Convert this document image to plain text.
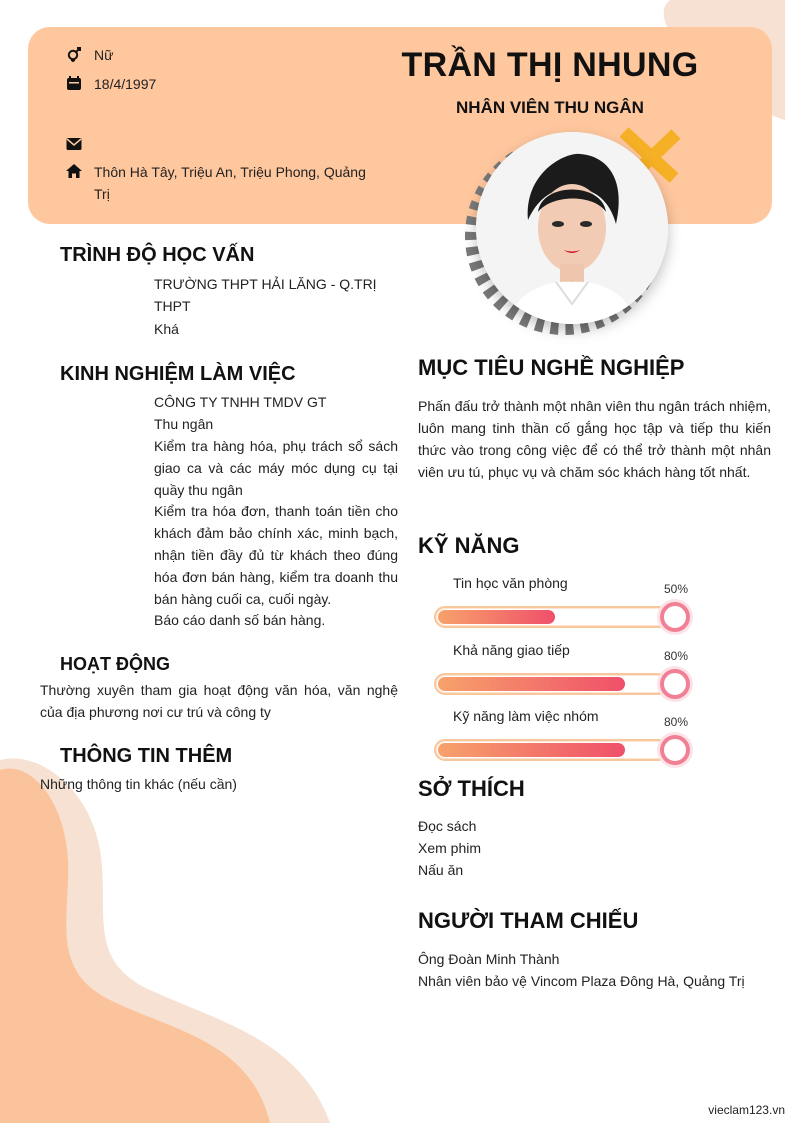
Nữ
18/4/1997
Thôn Hà Tây, Triệu An, Triệu Phong, Quảng Trị
TRẦN THỊ NHUNG
NHÂN VIÊN THU NGÂN
TRÌNH ĐỘ HỌC VẤN
TRƯỜNG THPT HẢI LĂNG - Q.TRỊ
THPT
Khá
KINH NGHIỆM LÀM VIỆC
CÔNG TY TNHH TMDV GT
Thu ngân
Kiểm tra hàng hóa, phụ trách sổ sách giao ca và các máy móc dụng cụ tại quầy thu ngân
Kiểm tra hóa đơn, thanh toán tiền cho khách đảm bảo chính xác, minh bạch, nhận tiền đầy đủ từ khách theo đúng hóa đơn bán hàng, kiểm tra doanh thu bán hàng cuối ca, cuối ngày.
Báo cáo danh số bán hàng.
HOẠT ĐỘNG
Thường xuyên tham gia hoạt động văn hóa, văn nghệ của địa phương nơi cư trú và công ty
THÔNG TIN THÊM
Những thông tin khác (nếu cần)
MỤC TIÊU NGHỀ NGHIỆP
Phấn đấu trở thành một nhân viên thu ngân trách nhiệm, luôn mang tinh thần cố gắng học tập và tiếp thu kiến thức vào trong công việc để có thể trở thành một nhân viên ưu tú, phục vụ và chăm sóc khách hàng tốt nhất.
KỸ NĂNG
Tin học văn phòng	50%
Khả năng giao tiếp	80%
Kỹ năng làm việc nhóm	80%
SỞ THÍCH
Đọc sách
Xem phim
Nấu ăn
NGƯỜI THAM CHIẾU
Ông Đoàn Minh Thành
Nhân viên bảo vệ Vincom Plaza Đông Hà, Quảng Trị
vieclam123.vn
